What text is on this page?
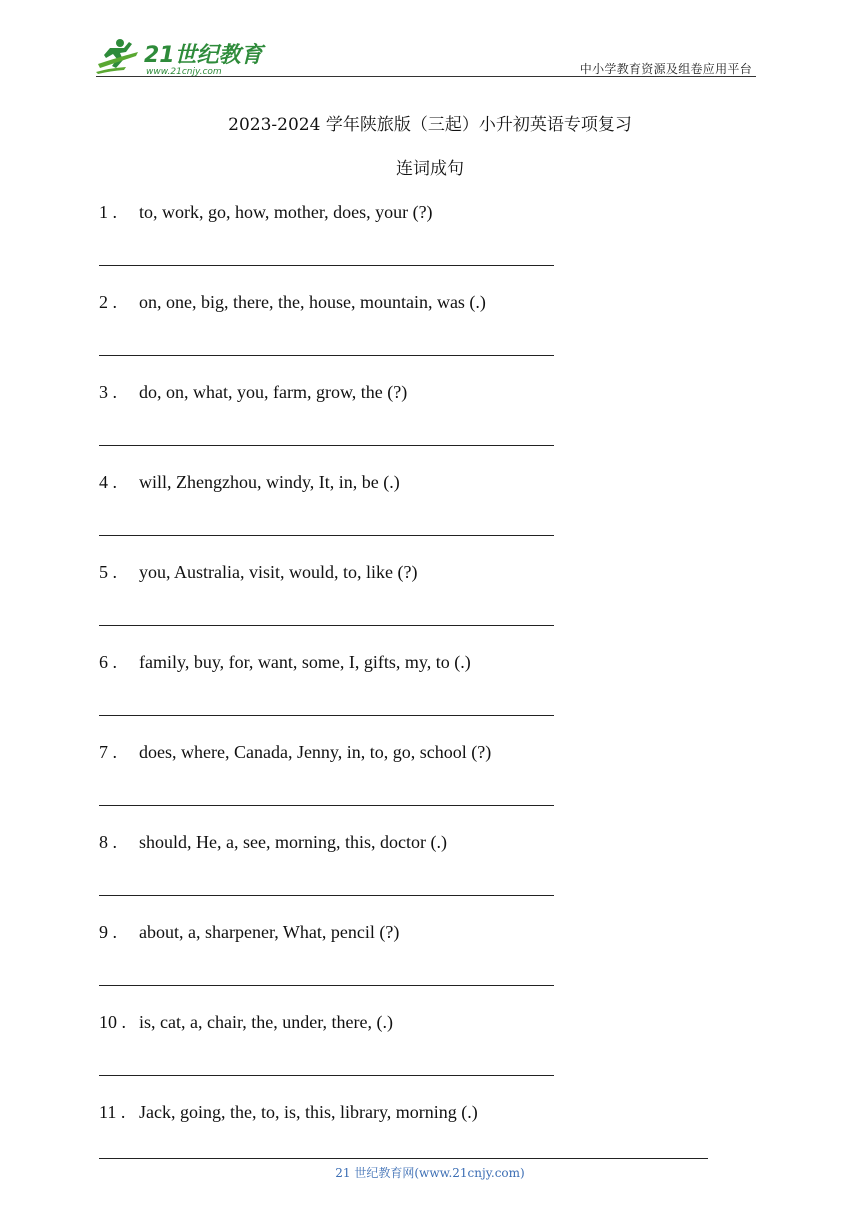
21世纪教育
www.21cnjy.com	中小学教育资源及组卷应用平台
2023-2024 学年陕旅版（三起）小升初英语专项复习
连词成句
1 . to, work, go, how, mother, does, your (?)
2 . on, one, big, there, the, house, mountain, was (.)
3 . do, on, what, you, farm, grow, the (?)
4 . will, Zhengzhou, windy, It, in, be (.)
5 . you, Australia, visit, would, to, like (?)
6 . family, buy, for, want, some, I, gifts, my, to (.)
7 . does, where, Canada, Jenny, in, to, go, school (?)
8 . should, He, a, see, morning, this, doctor (.)
9 . about, a, sharpener, What, pencil (?)
10 . is, cat, a, chair, the, under, there, (.)
11 . Jack, going, the, to, is, this, library, morning (.)
21 世纪教育网(www.21cnjy.com)
